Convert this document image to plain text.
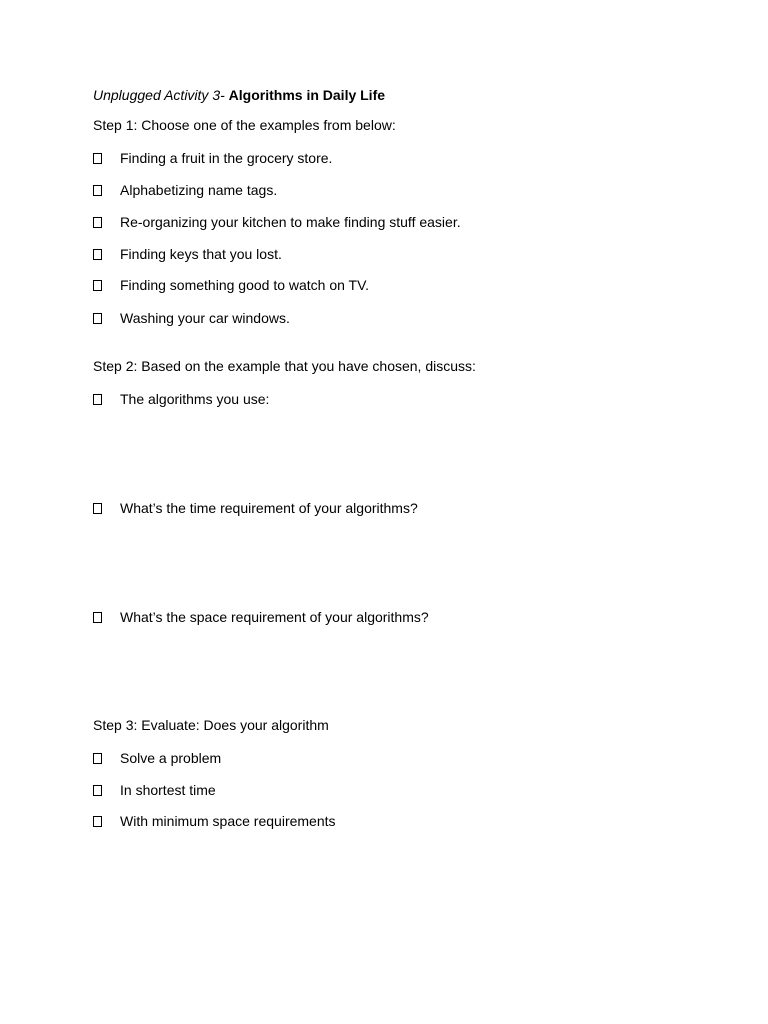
Unplugged Activity 3- Algorithms in Daily Life
Step 1: Choose one of the examples from below:
Finding a fruit in the grocery store.
Alphabetizing name tags.
Re-organizing your kitchen to make finding stuff easier.
Finding keys that you lost.
Finding something good to watch on TV.
Washing your car windows.
Step 2: Based on the example that you have chosen, discuss:
The algorithms you use:
What’s the time requirement of your algorithms?
What’s the space requirement of your algorithms?
Step 3: Evaluate: Does your algorithm
Solve a problem
In shortest time
With minimum space requirements
